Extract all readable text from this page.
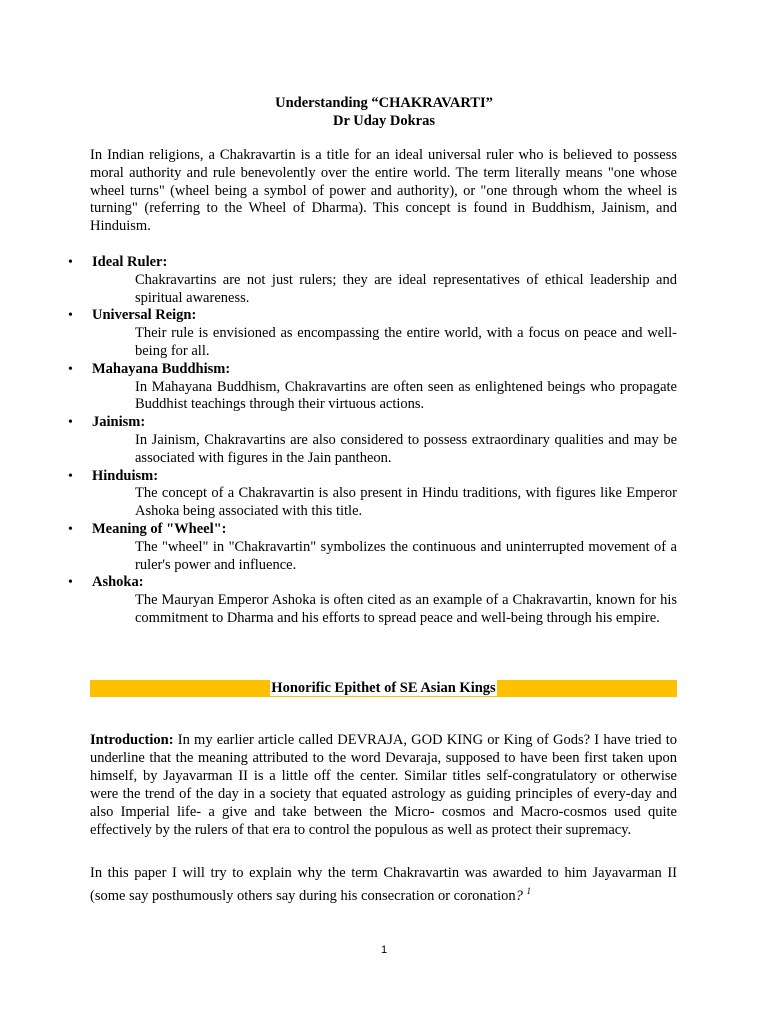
Understanding “CHAKRAVARTI”
Dr Uday Dokras

In Indian religions, a Chakravartin is a title for an ideal universal ruler who is believed to possess moral authority and rule benevolently over the entire world. The term literally means "one whose wheel turns" (wheel being a symbol of power and authority), or "one through whom the wheel is turning" (referring to the Wheel of Dharma). This concept is found in Buddhism, Jainism, and Hinduism.

•	Ideal Ruler:
Chakravartins are not just rulers; they are ideal representatives of ethical leadership and spiritual awareness.
•	Universal Reign:
Their rule is envisioned as encompassing the entire world, with a focus on peace and well-being for all.
•	Mahayana Buddhism:
In Mahayana Buddhism, Chakravartins are often seen as enlightened beings who propagate Buddhist teachings through their virtuous actions.
•	Jainism:
In Jainism, Chakravartins are also considered to possess extraordinary qualities and may be associated with figures in the Jain pantheon.
•	Hinduism:
The concept of a Chakravartin is also present in Hindu traditions, with figures like Emperor Ashoka being associated with this title.
•	Meaning of "Wheel":
The "wheel" in "Chakravartin" symbolizes the continuous and uninterrupted movement of a ruler's power and influence.
•	Ashoka:
The Mauryan Emperor Ashoka is often cited as an example of a Chakravartin, known for his commitment to Dharma and his efforts to spread peace and well-being through his empire.
Honorific Epithet of SE Asian Kings

Introduction: In my earlier article called DEVRAJA, GOD KING or King of Gods? I have tried to underline that the meaning attributed to the word Devaraja, supposed to have been first taken upon himself, by Jayavarman II is a little off the center. Similar titles self-congratulatory or otherwise were the trend of the day in a society that equated astrology as guiding principles of every-day and also Imperial life- a give and take between the Micro- cosmos and Macro-cosmos used quite effectively by the rulers of that era to control the populous as well as protect their supremacy.

In this paper I will try to explain why the term Chakravartin was awarded to him Jayavarman II (some say posthumously others say during his consecration or coronation? $^1$

1
